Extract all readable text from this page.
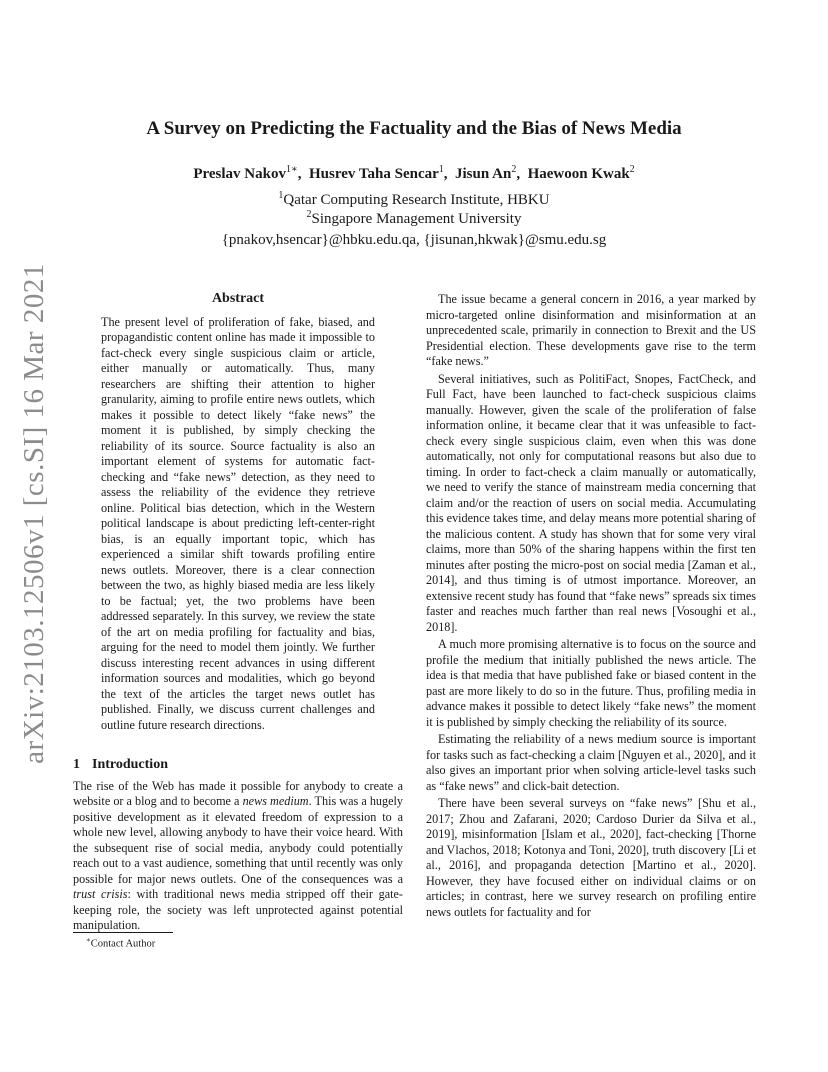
arXiv:2103.12506v1 [cs.SI] 16 Mar 2021
A Survey on Predicting the Factuality and the Bias of News Media
Preslav Nakov$^{1∗}$,  Husrev Taha Sencar$^1$,  Jisun An$^2$,  Haewoon Kwak$^2$
$^1$Qatar Computing Research Institute, HBKU
$^2$Singapore Management University
{pnakov,hsencar}@hbku.edu.qa, {jisunan,hkwak}@smu.edu.sg
Abstract

The present level of proliferation of fake, biased, and propagandistic content online has made it impossible to fact-check every single suspicious claim or article, either manually or automatically. Thus, many researchers are shifting their attention to higher granularity, aiming to profile entire news outlets, which makes it possible to detect likely “fake news” the moment it is published, by simply checking the reliability of its source. Source factuality is also an important element of systems for automatic fact-checking and “fake news” detection, as they need to assess the reliability of the evidence they retrieve online. Political bias detection, which in the Western political landscape is about predicting left-center-right bias, is an equally important topic, which has experienced a similar shift towards profiling entire news outlets. Moreover, there is a clear connection between the two, as highly biased media are less likely to be factual; yet, the two problems have been addressed separately. In this survey, we review the state of the art on media profiling for factuality and bias, arguing for the need to model them jointly. We further discuss interesting recent advances in using different information sources and modalities, which go beyond the text of the articles the target news outlet has published. Finally, we discuss current challenges and outline future research directions.

1 Introduction

The rise of the Web has made it possible for anybody to create a website or a blog and to become a news medium. This was a hugely positive development as it elevated freedom of expression to a whole new level, allowing anybody to have their voice heard. With the subsequent rise of social media, anybody could potentially reach out to a vast audience, something that until recently was only possible for major news outlets. One of the consequences was a trust crisis: with traditional news media stripped off their gate-keeping role, the society was left unprotected against potential manipulation.

The issue became a general concern in 2016, a year marked by micro-targeted online disinformation and misinformation at an unprecedented scale, primarily in connection to Brexit and the US Presidential election. These developments gave rise to the term “fake news.”

Several initiatives, such as PolitiFact, Snopes, FactCheck, and Full Fact, have been launched to fact-check suspicious claims manually. However, given the scale of the proliferation of false information online, it became clear that it was unfeasible to fact-check every single suspicious claim, even when this was done automatically, not only for computational reasons but also due to timing. In order to fact-check a claim manually or automatically, we need to verify the stance of mainstream media concerning that claim and/or the reaction of users on social media. Accumulating this evidence takes time, and delay means more potential sharing of the malicious content. A study has shown that for some very viral claims, more than 50% of the sharing happens within the first ten minutes after posting the micro-post on social media [Zaman et al., 2014], and thus timing is of utmost importance. Moreover, an extensive recent study has found that “fake news” spreads six times faster and reaches much farther than real news [Vosoughi et al., 2018].

A much more promising alternative is to focus on the source and profile the medium that initially published the news article. The idea is that media that have published fake or biased content in the past are more likely to do so in the future. Thus, profiling media in advance makes it possible to detect likely “fake news” the moment it is published by simply checking the reliability of its source.

Estimating the reliability of a news medium source is important for tasks such as fact-checking a claim [Nguyen et al., 2020], and it also gives an important prior when solving article-level tasks such as “fake news” and click-bait detection.

There have been several surveys on “fake news” [Shu et al., 2017; Zhou and Zafarani, 2020; Cardoso Durier da Silva et al., 2019], misinformation [Islam et al., 2020], fact-checking [Thorne and Vlachos, 2018; Kotonya and Toni, 2020], truth discovery [Li et al., 2016], and propaganda detection [Martino et al., 2020]. However, they have focused either on individual claims or on articles; in contrast, here we survey research on profiling entire news outlets for factuality and for

∗Contact Author
